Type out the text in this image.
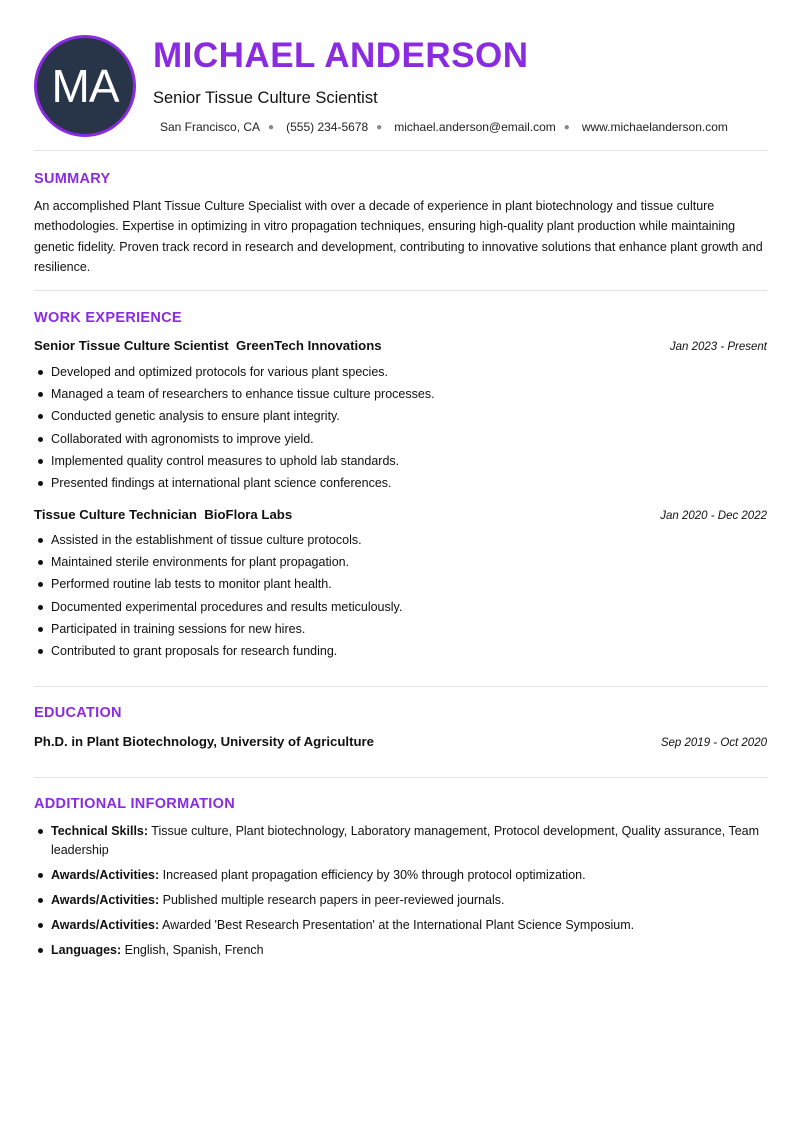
MA
MICHAEL ANDERSON
Senior Tissue Culture Scientist
San Francisco, CA ● (555) 234-5678 ● michael.anderson@email.com ● www.michaelanderson.com
SUMMARY

An accomplished Plant Tissue Culture Specialist with over a decade of experience in plant biotechnology and tissue culture methodologies. Expertise in optimizing in vitro propagation techniques, ensuring high-quality plant production while maintaining genetic fidelity. Proven track record in research and development, contributing to innovative solutions that enhance plant growth and resilience.

WORK EXPERIENCE
Senior Tissue Culture Scientist GreenTech Innovations	Jan 2023 - Present
Developed and optimized protocols for various plant species.
Managed a team of researchers to enhance tissue culture processes.
Conducted genetic analysis to ensure plant integrity.
Collaborated with agronomists to improve yield.
Implemented quality control measures to uphold lab standards.
Presented findings at international plant science conferences.
Tissue Culture Technician BioFlora Labs	Jan 2020 - Dec 2022
Assisted in the establishment of tissue culture protocols.
Maintained sterile environments for plant propagation.
Performed routine lab tests to monitor plant health.
Documented experimental procedures and results meticulously.
Participated in training sessions for new hires.
Contributed to grant proposals for research funding.
EDUCATION
Ph.D. in Plant Biotechnology, University of Agriculture	Sep 2019 - Oct 2020
ADDITIONAL INFORMATION
Technical Skills: Tissue culture, Plant biotechnology, Laboratory management, Protocol development, Quality assurance, Team leadership
Awards/Activities: Increased plant propagation efficiency by 30% through protocol optimization.
Awards/Activities: Published multiple research papers in peer-reviewed journals.
Awards/Activities: Awarded 'Best Research Presentation' at the International Plant Science Symposium.
Languages: English, Spanish, French
